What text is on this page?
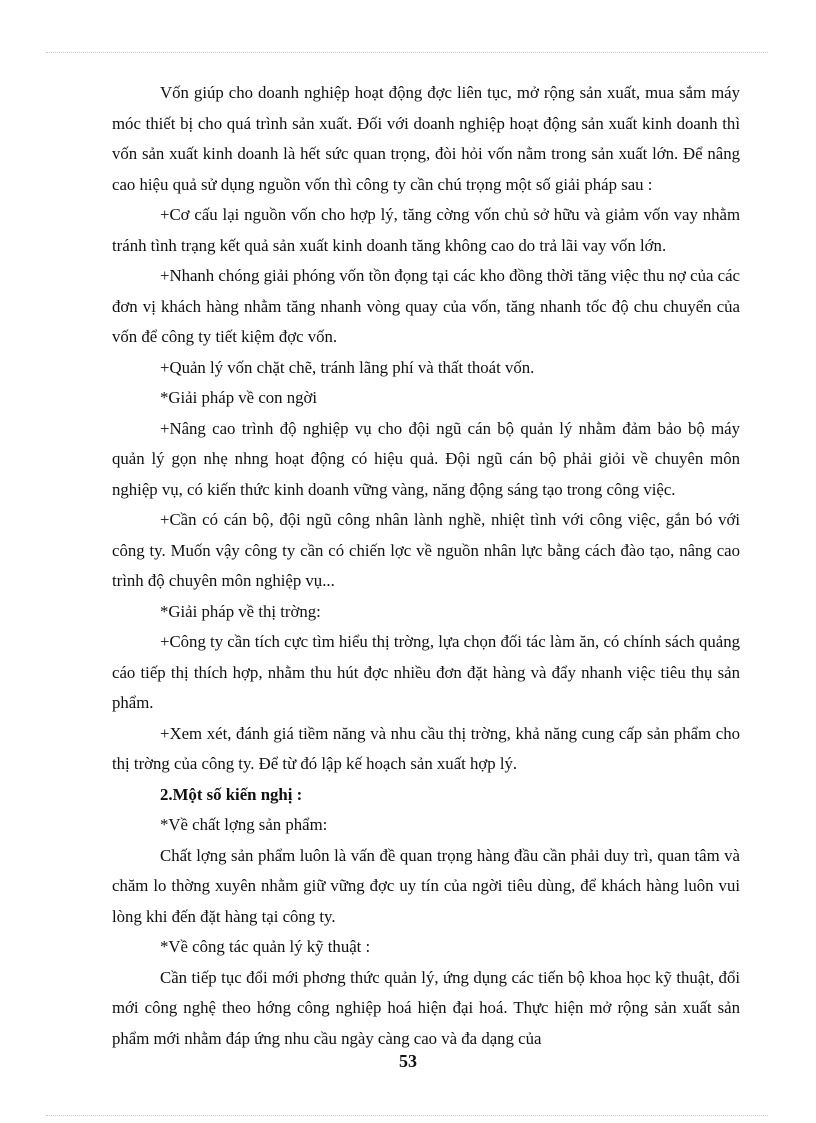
Vốn giúp cho doanh nghiệp hoạt động đợc liên tục, mở rộng sản xuất, mua sắm máy móc thiết bị cho quá trình sản xuất. Đối với doanh nghiệp hoạt động sản xuất kinh doanh thì vốn sản xuất kinh doanh là hết sức quan trọng, đòi hỏi vốn nằm trong sản xuất lớn. Để nâng cao hiệu quả sử dụng nguồn vốn thì công ty cần chú trọng một số giải pháp sau :

+Cơ cấu lại nguồn vốn cho hợp lý, tăng cờng vốn chủ sở hữu và giảm vốn vay nhằm tránh tình trạng kết quả sản xuất kinh doanh tăng không cao do trả lãi vay vốn lớn.

+Nhanh chóng giải phóng vốn tồn đọng tại các kho đồng thời tăng việc thu nợ của các đơn vị khách hàng nhằm tăng nhanh vòng quay của vốn, tăng nhanh tốc độ chu chuyển của vốn để công ty tiết kiệm đợc vốn.

+Quản lý vốn chặt chẽ, tránh lãng phí và thất thoát vốn.

*Giải pháp về con ngời

+Nâng cao trình độ nghiệp vụ cho đội ngũ cán bộ quản lý nhằm đảm bảo bộ máy quản lý gọn nhẹ nhng hoạt động có hiệu quả. Đội ngũ cán bộ phải giỏi về chuyên môn nghiệp vụ, có kiến thức kinh doanh vững vàng, năng động sáng tạo trong công việc.

+Cần có cán bộ, đội ngũ công nhân lành nghề, nhiệt tình với công việc, gắn bó với công ty. Muốn vậy công ty cần có chiến lợc về nguồn nhân lực bằng cách đào tạo, nâng cao trình độ chuyên môn nghiệp vụ...

*Giải pháp về thị trờng:

+Công ty cần tích cực tìm hiểu thị trờng, lựa chọn đối tác làm ăn, có chính sách quảng cáo tiếp thị thích hợp, nhằm thu hút đợc nhiều đơn đặt hàng và đẩy nhanh việc tiêu thụ sản phẩm.

+Xem xét, đánh giá tiềm năng và nhu cầu thị trờng, khả năng cung cấp sản phẩm cho thị trờng của công ty. Để từ đó lập kế hoạch sản xuất hợp lý.

2.Một số kiến nghị :

*Về chất lợng sản phẩm:

Chất lợng sản phẩm luôn là vấn đề quan trọng hàng đầu cần phải duy trì, quan tâm và chăm lo thờng xuyên nhằm giữ vững đợc uy tín của ngời tiêu dùng, để khách hàng luôn vui lòng khi đến đặt hàng tại công ty.

*Về công tác quản lý kỹ thuật :

Cần tiếp tục đổi mới phơng thức quản lý, ứng dụng các tiến bộ khoa học kỹ thuật, đổi mới công nghệ theo hớng công nghiệp hoá hiện đại hoá. Thực hiện mở rộng sản xuất sản phẩm mới nhằm đáp ứng nhu cầu ngày càng cao và đa dạng của

53
